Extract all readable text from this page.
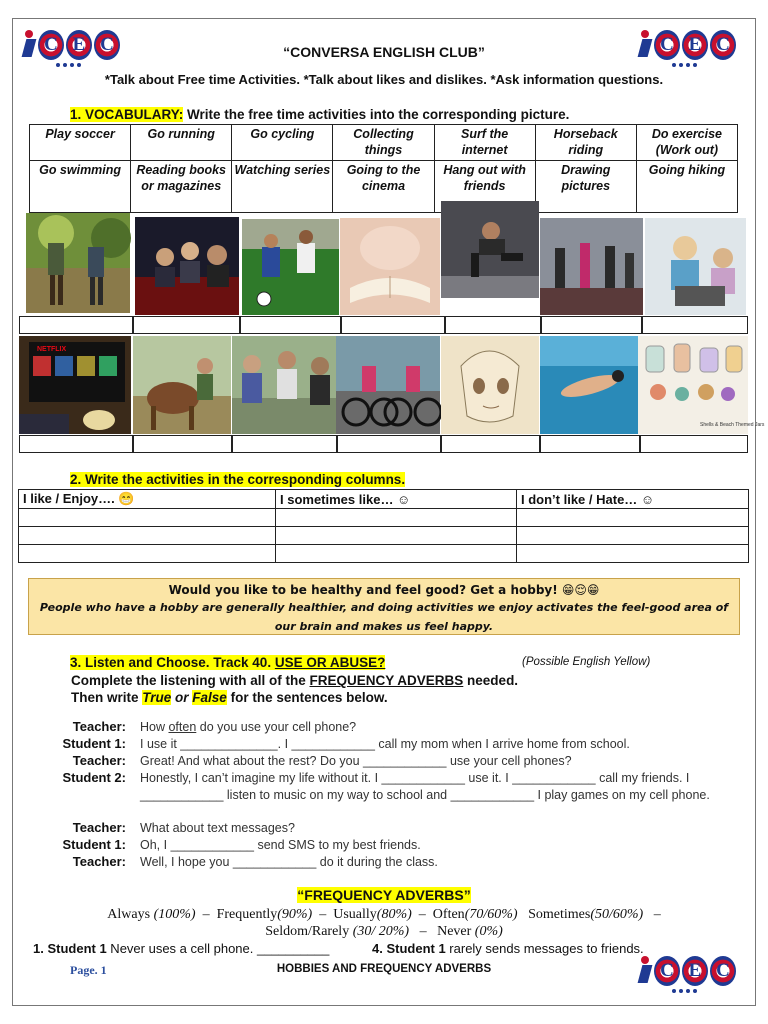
C E C	C E C
“CONVERSA ENGLISH CLUB”
*Talk about Free time Activities. *Talk about likes and dislikes. *Ask information questions.
1. VOCABULARY: Write the free time activities into the corresponding picture.
Play soccer	Go running	Go cycling	Collecting things	Surf the internet	Horseback riding	Do exercise (Work out)
Go swimming	Reading books or magazines	Watching series	Going to the cinema	Hang out with friends	Drawing pictures	Going hiking
NETFLIX
Shells & Beach Themed Jars
2. Write the activities in the corresponding columns.
I like / Enjoy…. 😁	I sometimes like… ☺	I don’t like / Hate… ☺

Would you like to be healthy and feel good? Get a hobby! 😁😌😁
People who have a hobby are generally healthier, and doing activities we enjoy activates the feel-good area of our brain and makes us feel happy.
3. Listen and Choose. Track 40. USE OR ABUSE?	(Possible English Yellow)
Complete the listening with all of the FREQUENCY ADVERBS needed.
Then write True or False for the sentences below.
Teacher: How often do you use your cell phone?
Student 1: I use it ______________. I ____________ call my mom when I arrive home from school.
Teacher: Great! And what about the rest? Do you ____________ use your cell phones?
Student 2: Honestly, I can’t imagine my life without it. I ____________ use it. I ____________ call my friends. I ____________ listen to music on my way to school and ____________ I play games on my cell phone.
Teacher: What about text messages?
Student 1: Oh, I ____________ send SMS to my best friends.
Teacher: Well, I hope you ____________ do it during the class.
“FREQUENCY ADVERBS”
Always (100%) – Frequently(90%) – Usually(80%) – Often(70/60%) Sometimes(50/60%) –
Seldom/Rarely (30/ 20%) – Never (0%)
1. Student 1 Never uses a cell phone. __________	4. Student 1 rarely sends messages to friends.
Page. 1	HOBBIES AND FREQUENCY ADVERBS	C E C
